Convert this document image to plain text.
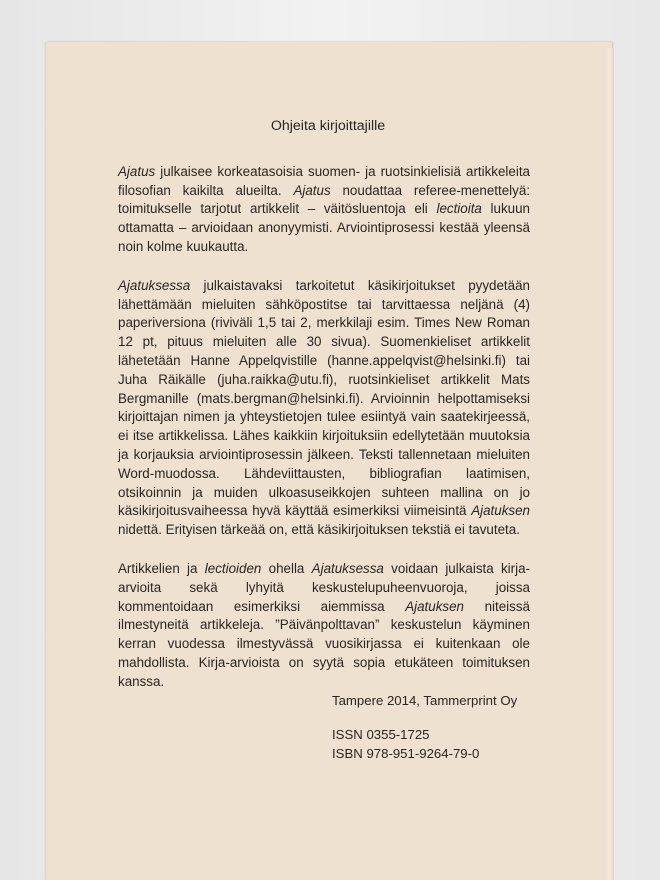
Ohjeita kirjoittajille

Ajatus julkaisee korkeatasoisia suomen- ja ruotsinkielisiä artikkeleita filosofian kaikilta alueilta. Ajatus noudattaa referee-menettelyä: toimitukselle tarjotut artikkelit – väitösluentoja eli lectioita lukuun ottamatta – arvioidaan anonyymisti. Arviointiprosessi kestää yleensä noin kolme kuukautta.

Ajatuksessa julkaistavaksi tarkoitetut käsikirjoitukset pyydetään lähettämään mieluiten sähköpostitse tai tarvittaessa neljänä (4) paperiversiona (riviväli 1,5 tai 2, merkkilaji esim. Times New Roman 12 pt, pituus mieluiten alle 30 sivua). Suomenkieliset artikkelit lähetetään Hanne Appelqvistille (hanne.appelqvist@helsinki.fi) tai Juha Räikälle (juha.raikka@utu.fi), ruotsinkieliset artikkelit Mats Bergmanille (mats.bergman@helsinki.fi). Arvioinnin helpottamiseksi kirjoittajan nimen ja yhteystietojen tulee esiintyä vain saatekirjeessä, ei itse artikkelissa. Lähes kaikkiin kirjoituksiin edellytetään muutoksia ja korjauksia arviointiprosessin jälkeen. Teksti tallennetaan mieluiten Word-muodossa. Lähdeviittausten, bibliografian laatimisen, otsikoinnin ja muiden ulkoasuseikkojen suhteen mallina on jo käsikirjoitusvaiheessa hyvä käyttää esimerkiksi viimeisintä Ajatuksen nidettä. Erityisen tärkeää on, että käsikirjoituksen tekstiä ei tavuteta.

Artikkelien ja lectioiden ohella Ajatuksessa voidaan julkaista kirja-arvioita sekä lyhyitä keskustelupuheenvuoroja, joissa kommentoidaan esimerkiksi aiemmissa Ajatuksen niteissä ilmestyneitä artikkeleja. ”Päivänpolttavan” keskustelun käyminen kerran vuodessa ilmestyvässä vuosikirjassa ei kuitenkaan ole mahdollista. Kirja-arvioista on syytä sopia etukäteen toimituksen kanssa.

Tampere 2014, Tammerprint Oy
ISSN 0355-1725
ISBN 978-951-9264-79-0
